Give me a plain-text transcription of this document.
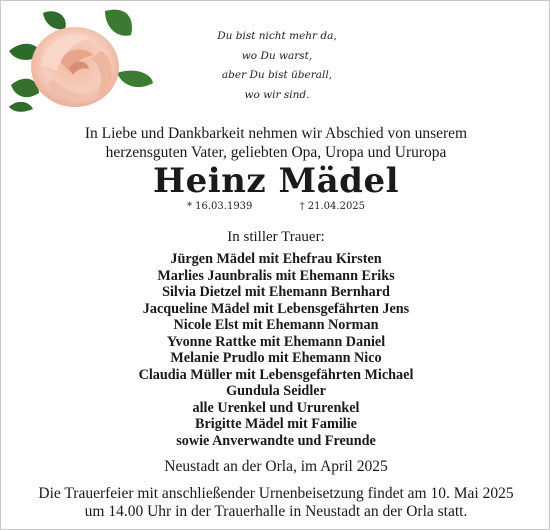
Du bist nicht mehr da,
wo Du warst,
aber Du bist überall,
wo wir sind.
In Liebe und Dankbarkeit nehmen wir Abschied von unserem
herzensguten Vater, geliebten Opa, Uropa und Ururopa
Heinz Mädel
* 16.03.1939	† 21.04.2025
In stiller Trauer:
Jürgen Mädel mit Ehefrau Kirsten
Marlies Jaunbralis mit Ehemann Eriks
Silvia Dietzel mit Ehemann Bernhard
Jacqueline Mädel mit Lebensgefährten Jens
Nicole Elst mit Ehemann Norman
Yvonne Rattke mit Ehemann Daniel
Melanie Prudlo mit Ehemann Nico
Claudia Müller mit Lebensgefährten Michael
Gundula Seidler
alle Urenkel und Ururenkel
Brigitte Mädel mit Familie
sowie Anverwandte und Freunde
Neustadt an der Orla, im April 2025
Die Trauerfeier mit anschließender Urnenbeisetzung findet am 10. Mai 2025
um 14.00 Uhr in der Trauerhalle in Neustadt an der Orla statt.
